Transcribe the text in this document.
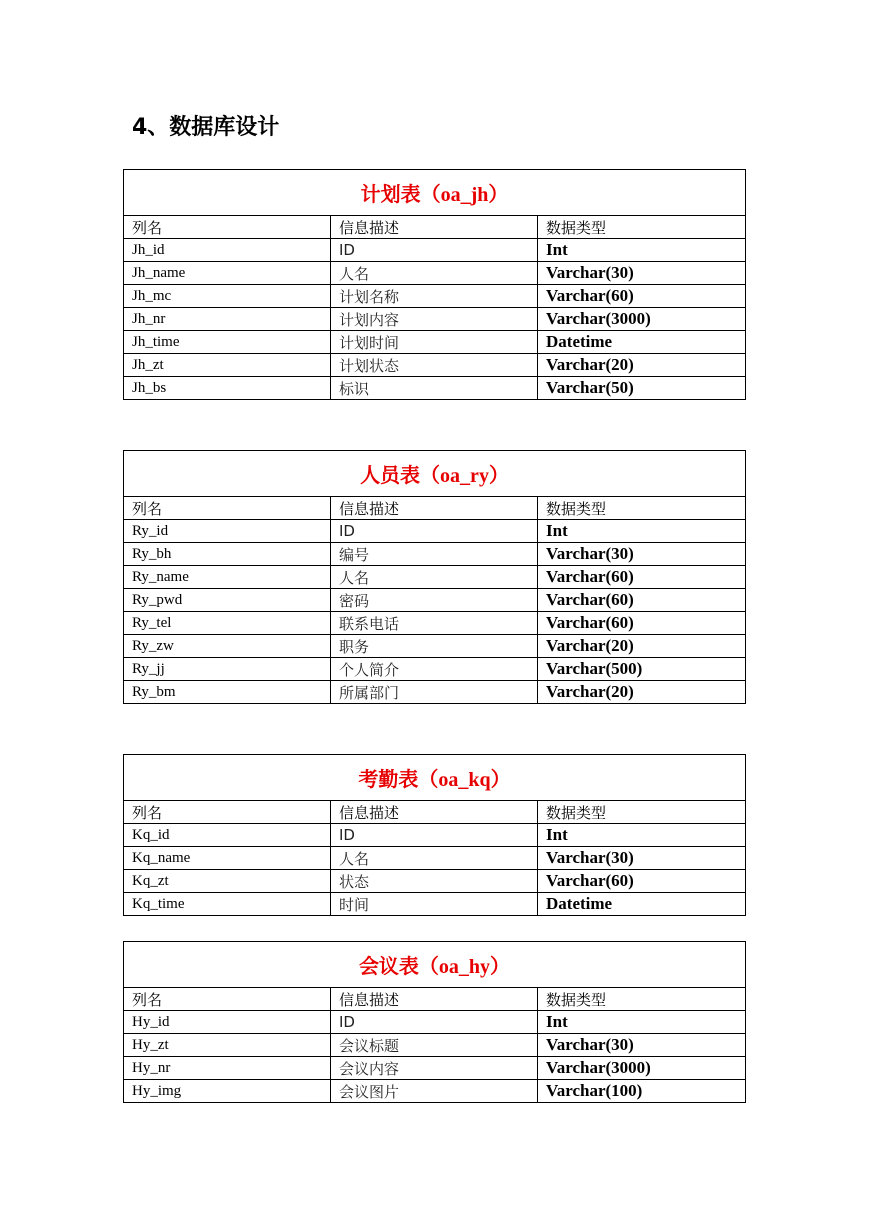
4、数据库设计
计划表（oa_jh）		
列名	信息描述	数据类型
Jh_id	ID	Int
Jh_name	人名	Varchar(30)
Jh_mc	计划名称	Varchar(60)
Jh_nr	计划内容	Varchar(3000)
Jh_time	计划时间	Datetime
Jh_zt	计划状态	Varchar(20)
Jh_bs	标识	Varchar(50)
人员表（oa_ry）		
列名	信息描述	数据类型
Ry_id	ID	Int
Ry_bh	编号	Varchar(30)
Ry_name	人名	Varchar(60)
Ry_pwd	密码	Varchar(60)
Ry_tel	联系电话	Varchar(60)
Ry_zw	职务	Varchar(20)
Ry_jj	个人简介	Varchar(500)
Ry_bm	所属部门	Varchar(20)
考勤表（oa_kq）		
列名	信息描述	数据类型
Kq_id	ID	Int
Kq_name	人名	Varchar(30)
Kq_zt	状态	Varchar(60)
Kq_time	时间	Datetime
会议表（oa_hy）		
列名	信息描述	数据类型
Hy_id	ID	Int
Hy_zt	会议标题	Varchar(30)
Hy_nr	会议内容	Varchar(3000)
Hy_img	会议图片	Varchar(100)
